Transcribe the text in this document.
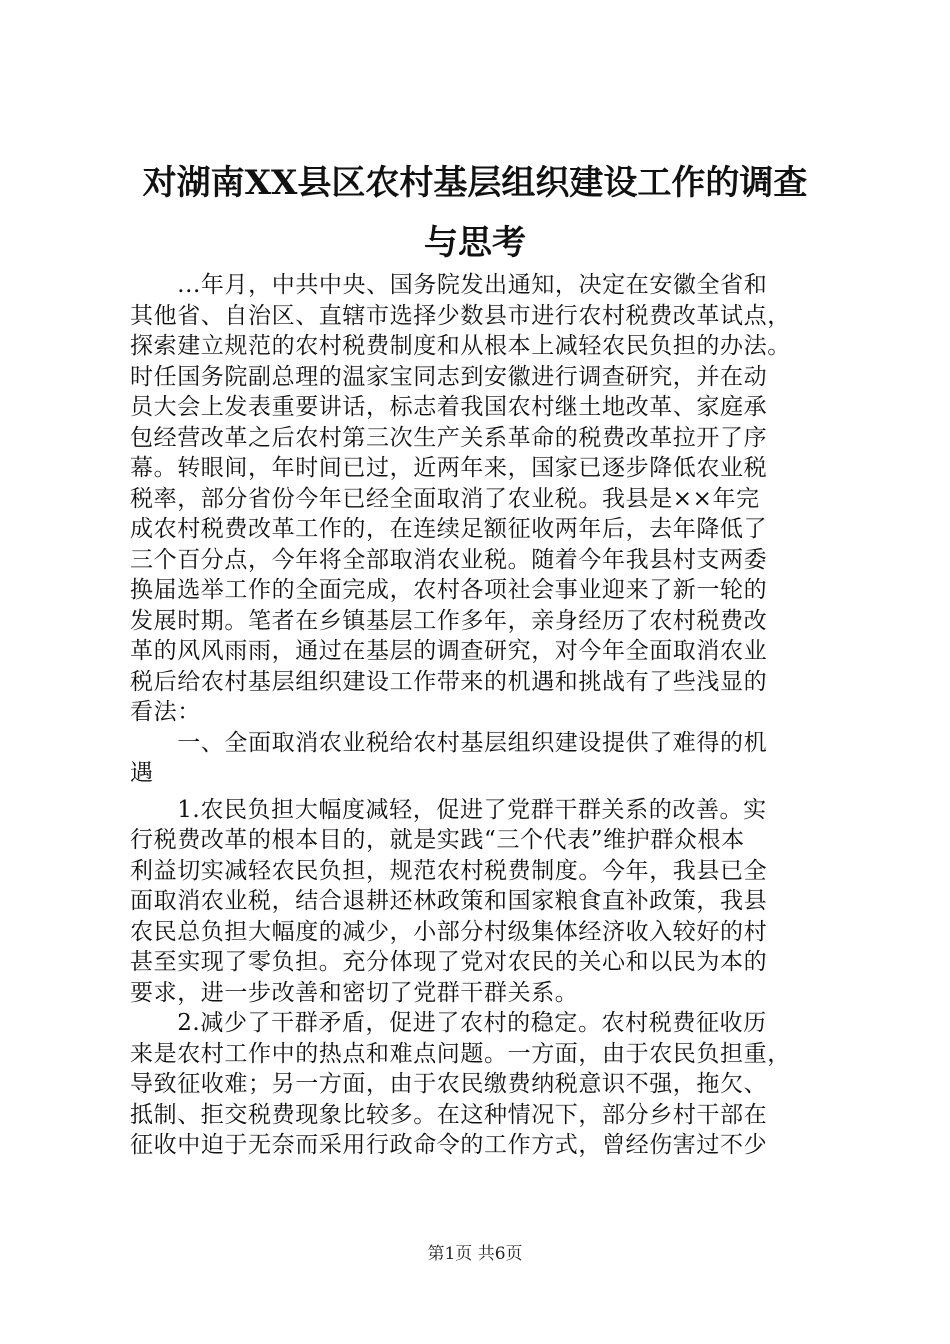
对湖南XX县区农村基层组织建设工作的调查
与思考
　　...年月，中共中央、国务院发出通知，决定在安徽全省和
其他省、自治区、直辖市选择少数县市进行农村税费改革试点，
探索建立规范的农村税费制度和从根本上减轻农民负担的办法。
时任国务院副总理的温家宝同志到安徽进行调查研究，并在动
员大会上发表重要讲话，标志着我国农村继土地改革、家庭承
包经营改革之后农村第三次生产关系革命的税费改革拉开了序
幕。转眼间，年时间已过，近两年来，国家已逐步降低农业税
税率，部分省份今年已经全面取消了农业税。我县是××年完
成农村税费改革工作的，在连续足额征收两年后，去年降低了
三个百分点，今年将全部取消农业税。随着今年我县村支两委
换届选举工作的全面完成，农村各项社会事业迎来了新一轮的
发展时期。笔者在乡镇基层工作多年，亲身经历了农村税费改
革的风风雨雨，通过在基层的调查研究，对今年全面取消农业
税后给农村基层组织建设工作带来的机遇和挑战有了些浅显的
看法：
　　一、全面取消农业税给农村基层组织建设提供了难得的机
遇
　　1.农民负担大幅度减轻，促进了党群干群关系的改善。实
行税费改革的根本目的，就是实践“三个代表”维护群众根本
利益切实减轻农民负担，规范农村税费制度。今年，我县已全
面取消农业税，结合退耕还林政策和国家粮食直补政策，我县
农民总负担大幅度的减少，小部分村级集体经济收入较好的村
甚至实现了零负担。充分体现了党对农民的关心和以民为本的
要求，进一步改善和密切了党群干群关系。
　　2.减少了干群矛盾，促进了农村的稳定。农村税费征收历
来是农村工作中的热点和难点问题。一方面，由于农民负担重，
导致征收难；另一方面，由于农民缴费纳税意识不强，拖欠、
抵制、拒交税费现象比较多。在这种情况下，部分乡村干部在
征收中迫于无奈而采用行政命令的工作方式，曾经伤害过不少
第1页 共6页
